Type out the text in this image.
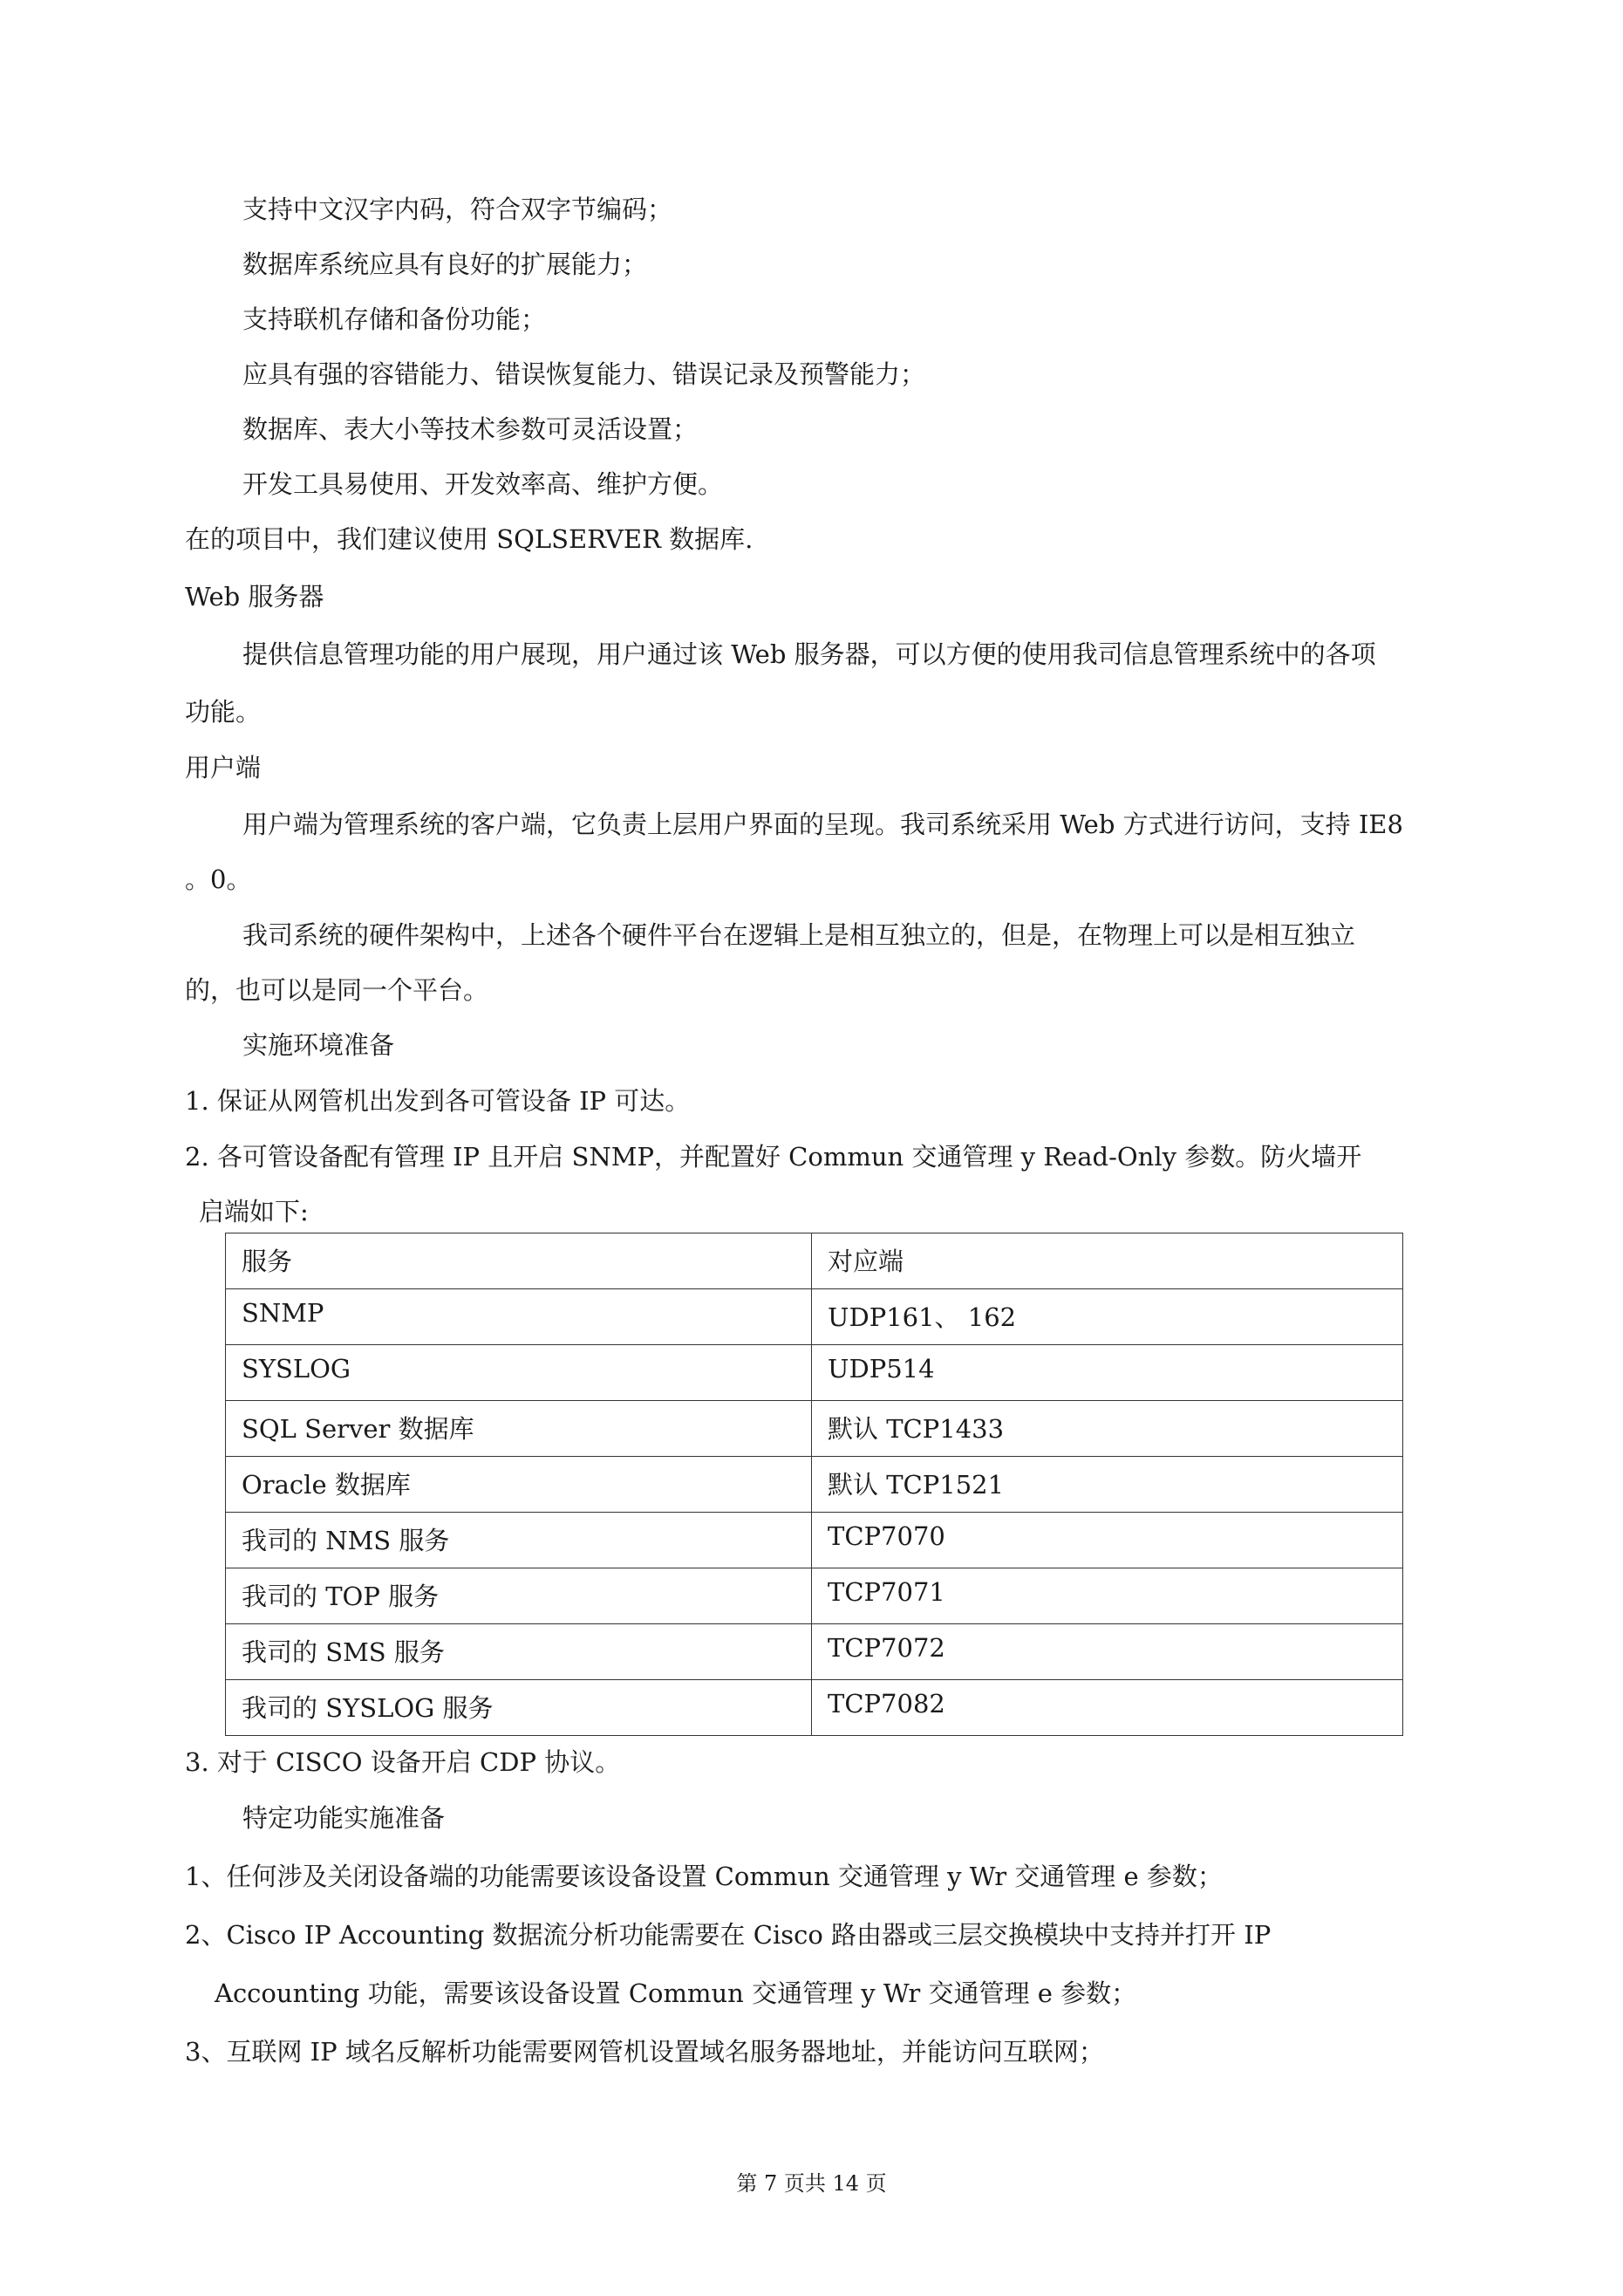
支持中文汉字内码，符合双字节编码；
数据库系统应具有良好的扩展能力；
支持联机存储和备份功能；
应具有强的容错能力、错误恢复能力、错误记录及预警能力；
数据库、表大小等技术参数可灵活设置；
开发工具易使用、开发效率高、维护方便。
在的项目中，我们建议使用 SQLSERVER 数据库.
Web 服务器
提供信息管理功能的用户展现，用户通过该 Web 服务器，可以方便的使用我司信息管理系统中的各项
功能。
用户端
用户端为管理系统的客户端，它负责上层用户界面的呈现。我司系统采用 Web 方式进行访问，支持 IE8
。0。
我司系统的硬件架构中，上述各个硬件平台在逻辑上是相互独立的，但是，在物理上可以是相互独立
的，也可以是同一个平台。
实施环境准备
1. 保证从网管机出发到各可管设备 IP 可达。
2. 各可管设备配有管理 IP 且开启 SNMP，并配置好 Commun 交通管理 y Read-Only 参数。防火墙开
启端如下:
服务	对应端
SNMP	UDP161、 162
SYSLOG	UDP514
SQL Server 数据库	默认 TCP1433
Oracle 数据库	默认 TCP1521
我司的 NMS 服务	TCP7070
我司的 TOP 服务	TCP7071
我司的 SMS 服务	TCP7072
我司的 SYSLOG 服务	TCP7082
3. 对于 CISCO 设备开启 CDP 协议。
特定功能实施准备
1、任何涉及关闭设备端的功能需要该设备设置 Commun 交通管理 y Wr 交通管理 e 参数；
2、Cisco IP Accounting 数据流分析功能需要在 Cisco 路由器或三层交换模块中支持并打开 IP
Accounting 功能，需要该设备设置 Commun 交通管理 y Wr 交通管理 e 参数；
3、互联网 IP 域名反解析功能需要网管机设置域名服务器地址，并能访问互联网；
第 7 页共 14 页
